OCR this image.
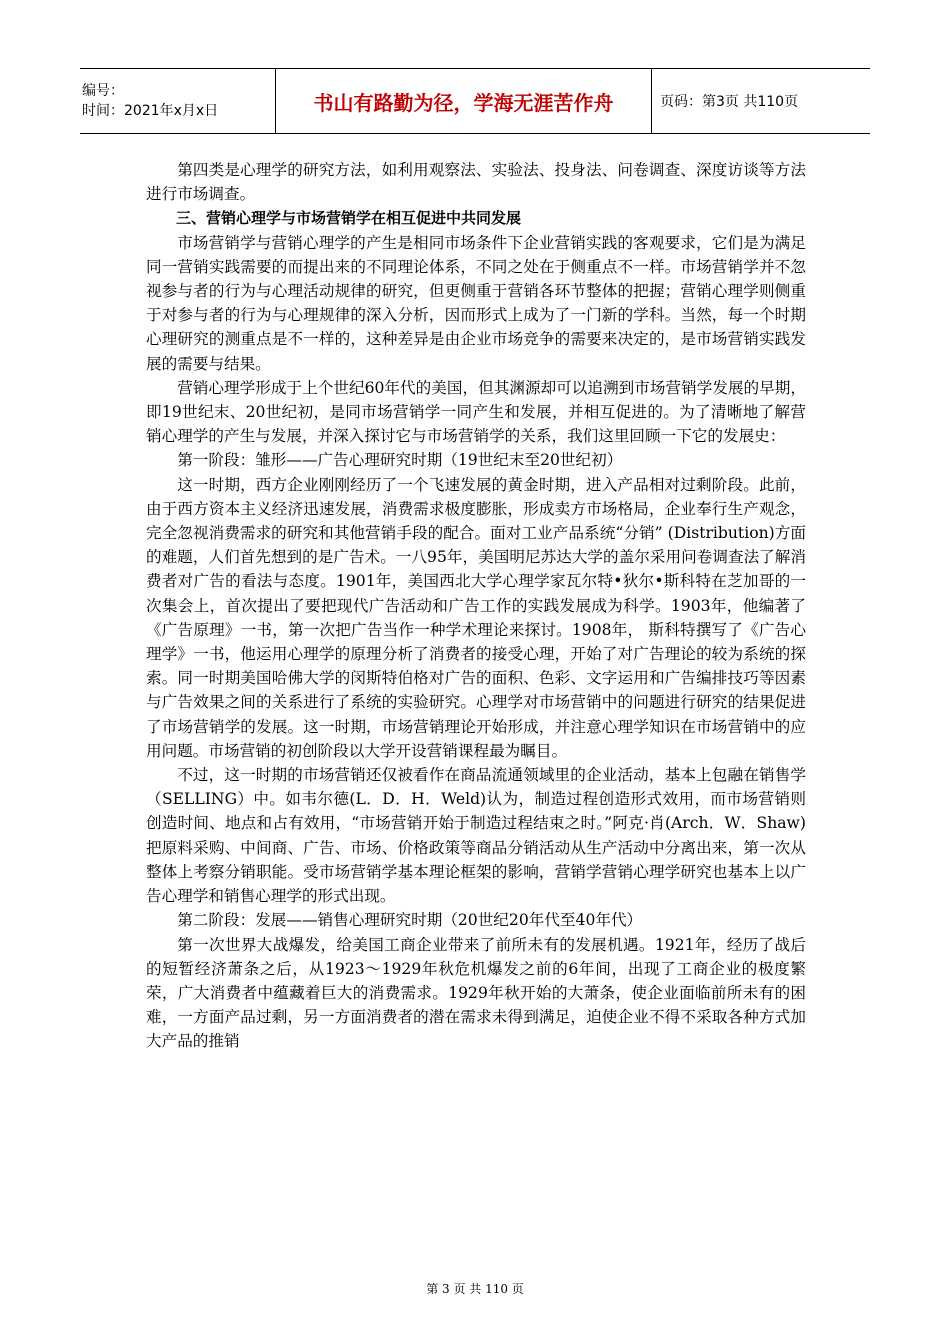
编号：
时间：2021年x月x日	书山有路勤为径，学海无涯苦作舟	页码：第3页 共110页

第四类是心理学的研究方法，如利用观察法、实验法、投身法、问卷调查、深度访谈等方法进行市场调查。

三、营销心理学与市场营销学在相互促进中共同发展

市场营销学与营销心理学的产生是相同市场条件下企业营销实践的客观要求，它们是为满足同一营销实践需要的而提出来的不同理论体系，不同之处在于侧重点不一样。市场营销学并不忽视参与者的行为与心理活动规律的研究，但更侧重于营销各环节整体的把握；营销心理学则侧重于对参与者的行为与心理规律的深入分析，因而形式上成为了一门新的学科。当然，每一个时期心理研究的测重点是不一样的，这种差异是由企业市场竞争的需要来决定的，是市场营销实践发展的需要与结果。

营销心理学形成于上个世纪60年代的美国，但其渊源却可以追溯到市场营销学发展的早期，即19世纪末、20世纪初，是同市场营销学一同产生和发展，并相互促进的。为了清晰地了解营销心理学的产生与发展，并深入探讨它与市场营销学的关系，我们这里回顾一下它的发展史：

第一阶段：雏形——广告心理研究时期（19世纪末至20世纪初）

这一时期，西方企业刚刚经历了一个飞速发展的黄金时期，进入产品相对过剩阶段。此前，由于西方资本主义经济迅速发展，消费需求极度膨胀，形成卖方市场格局，企业奉行生产观念，完全忽视消费需求的研究和其他营销手段的配合。面对工业产品系统“分销” (Distribution)方面的难题，人们首先想到的是广告术。一八95年，美国明尼苏达大学的盖尔采用问卷调查法了解消费者对广告的看法与态度。1901年，美国西北大学心理学家瓦尔特•狄尔•斯科特在芝加哥的一次集会上，首次提出了要把现代广告活动和广告工作的实践发展成为科学。1903年，他编著了《广告原理》一书，第一次把广告当作一种学术理论来探讨。1908年， 斯科特撰写了《广告心理学》一书，他运用心理学的原理分析了消费者的接受心理，开始了对广告理论的较为系统的探索。同一时期美国哈佛大学的闵斯特伯格对广告的面积、色彩、文字运用和广告编排技巧等因素与广告效果之间的关系进行了系统的实验研究。心理学对市场营销中的问题进行研究的结果促进了市场营销学的发展。这一时期，市场营销理论开始形成，并注意心理学知识在市场营销中的应用问题。市场营销的初创阶段以大学开设营销课程最为瞩目。

不过，这一时期的市场营销还仅被看作在商品流通领域里的企业活动，基本上包融在销售学（SELLING）中。如韦尔德(L．D．H．Weld)认为，制造过程创造形式效用，而市场营销则创造时间、地点和占有效用，“市场营销开始于制造过程结束之时。”阿克·肖(Arch．W．Shaw)把原料采购、中间商、广告、市场、价格政策等商品分销活动从生产活动中分离出来，第一次从整体上考察分销职能。受市场营销学基本理论框架的影响，营销学营销心理学研究也基本上以广告心理学和销售心理学的形式出现。

第二阶段：发展——销售心理研究时期（20世纪20年代至40年代）

第一次世界大战爆发，给美国工商企业带来了前所未有的发展机遇。1921年，经历了战后的短暂经济萧条之后，从1923～1929年秋危机爆发之前的6年间，出现了工商企业的极度繁荣，广大消费者中蕴藏着巨大的消费需求。1929年秋开始的大萧条，使企业面临前所未有的困难，一方面产品过剩，另一方面消费者的潜在需求未得到满足，迫使企业不得不采取各种方式加大产品的推销

第 3 页 共 110 页
